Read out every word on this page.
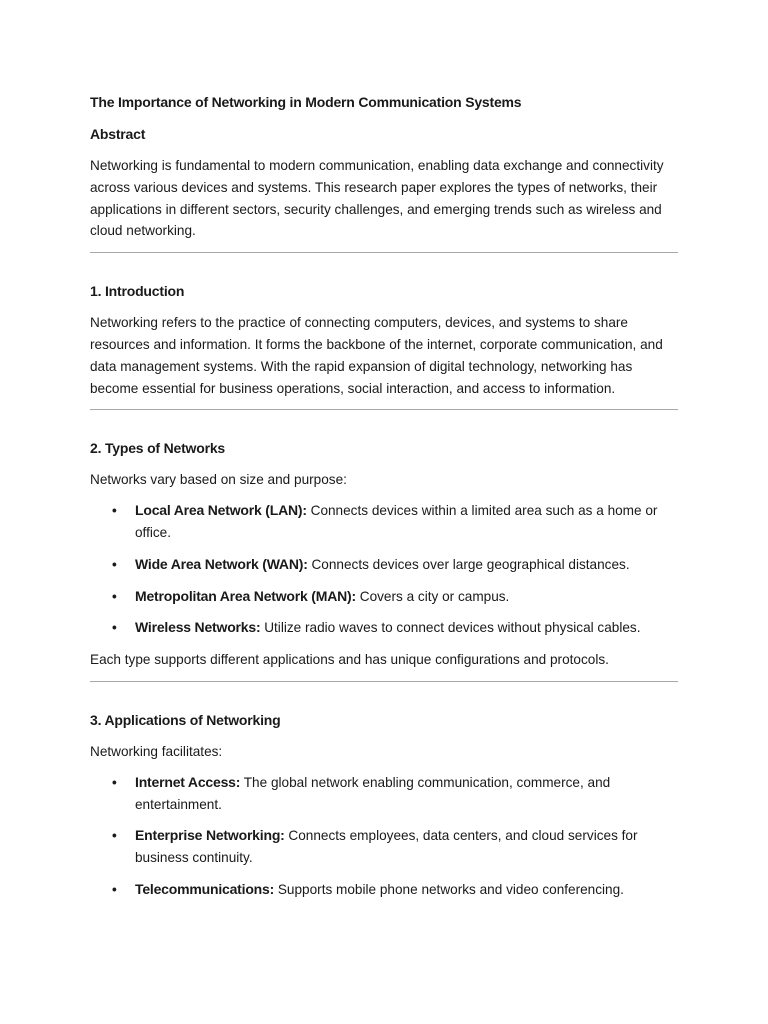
The Importance of Networking in Modern Communication Systems
Abstract

Networking is fundamental to modern communication, enabling data exchange and connectivity across various devices and systems. This research paper explores the types of networks, their applications in different sectors, security challenges, and emerging trends such as wireless and cloud networking.

1. Introduction

Networking refers to the practice of connecting computers, devices, and systems to share resources and information. It forms the backbone of the internet, corporate communication, and data management systems. With the rapid expansion of digital technology, networking has become essential for business operations, social interaction, and access to information.

2. Types of Networks

Networks vary based on size and purpose:

• Local Area Network (LAN): Connects devices within a limited area such as a home or office.
• Wide Area Network (WAN): Connects devices over large geographical distances.
• Metropolitan Area Network (MAN): Covers a city or campus.
• Wireless Networks: Utilize radio waves to connect devices without physical cables.

Each type supports different applications and has unique configurations and protocols.

3. Applications of Networking

Networking facilitates:

• Internet Access: The global network enabling communication, commerce, and entertainment.
• Enterprise Networking: Connects employees, data centers, and cloud services for business continuity.
• Telecommunications: Supports mobile phone networks and video conferencing.
